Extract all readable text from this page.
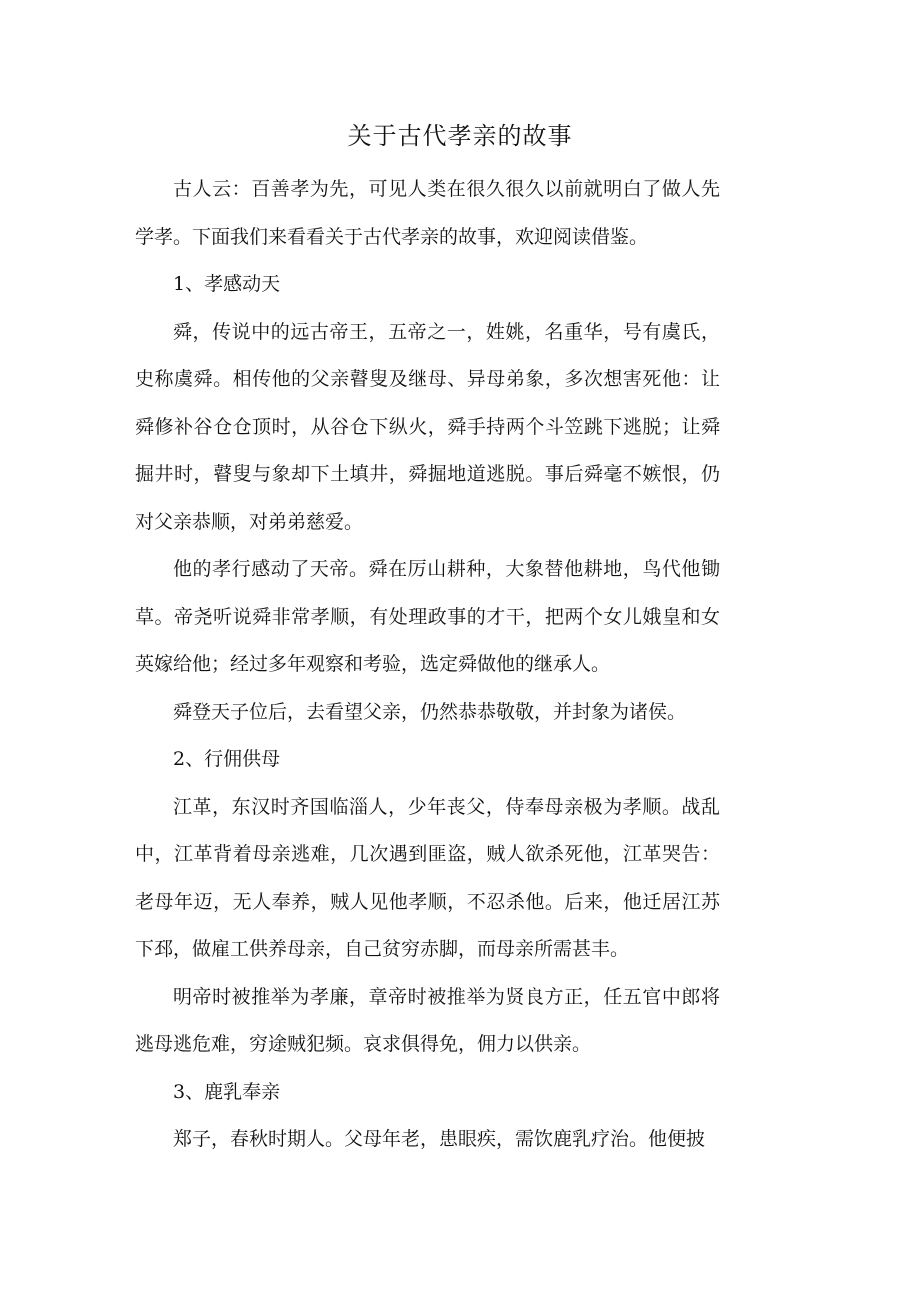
关于古代孝亲的故事

古人云：百善孝为先，可见人类在很久很久以前就明白了做人先学孝。下面我们来看看关于古代孝亲的故事，欢迎阅读借鉴。

1、孝感动天

舜，传说中的远古帝王，五帝之一，姓姚，名重华，号有虞氏，史称虞舜。相传他的父亲瞽叟及继母、异母弟象，多次想害死他：让舜修补谷仓仓顶时，从谷仓下纵火，舜手持两个斗笠跳下逃脱；让舜掘井时，瞽叟与象却下土填井，舜掘地道逃脱。事后舜毫不嫉恨，仍对父亲恭顺，对弟弟慈爱。

他的孝行感动了天帝。舜在厉山耕种，大象替他耕地，鸟代他锄草。帝尧听说舜非常孝顺，有处理政事的才干，把两个女儿娥皇和女英嫁给他；经过多年观察和考验，选定舜做他的继承人。

舜登天子位后，去看望父亲，仍然恭恭敬敬，并封象为诸侯。

2、行佣供母

江革，东汉时齐国临淄人，少年丧父，侍奉母亲极为孝顺。战乱中，江革背着母亲逃难，几次遇到匪盗，贼人欲杀死他，江革哭告：老母年迈，无人奉养，贼人见他孝顺，不忍杀他。后来，他迁居江苏下邳，做雇工供养母亲，自己贫穷赤脚，而母亲所需甚丰。

明帝时被推举为孝廉，章帝时被推举为贤良方正，任五官中郎将逃母逃危难，穷途贼犯频。哀求俱得免，佣力以供亲。

3、鹿乳奉亲

郑子，春秋时期人。父母年老，患眼疾，需饮鹿乳疗治。他便披
